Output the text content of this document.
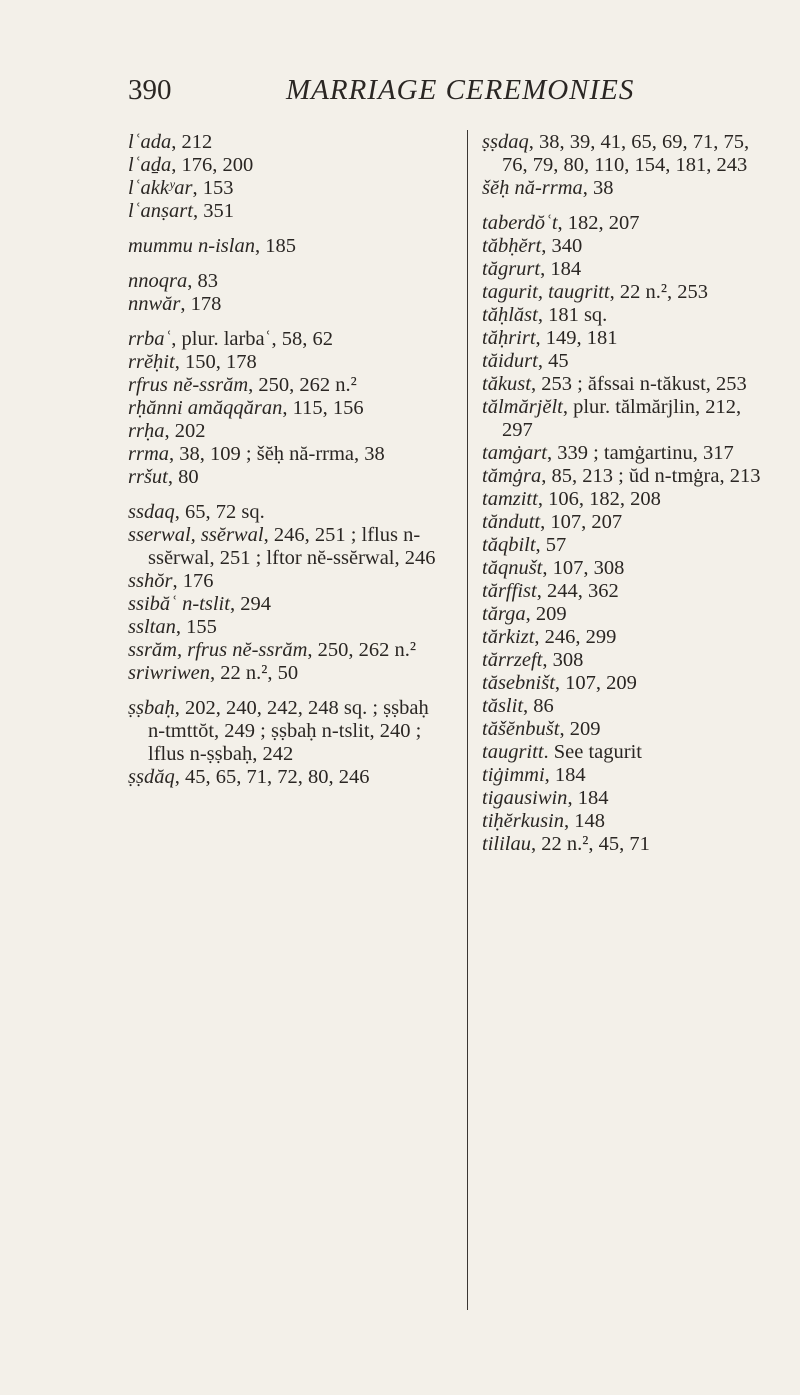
390	MARRIAGE CEREMONIES
lʿada, 212
lʿaḏa, 176, 200
lʿakkʸar, 153
lʿanṣart, 351
mummu n-islan, 185
nnoqra, 83
nnwăr, 178
rrbaʿ, plur. larbaʿ, 58, 62
rrĕḥit, 150, 178
rfrus nĕ-ssrăm, 250, 262 n.²
rḥănni amăqqăran, 115, 156
rrḥa, 202
rrma, 38, 109 ; šĕḥ nă-rrma, 38
rršut, 80
ssdaq, 65, 72 sq.
sserwal, ssĕrwal, 246, 251 ; lflus n-ssĕrwal, 251 ; lftor nĕ-ssĕrwal, 246
sshŏr, 176
ssibăʿ n-tslit, 294
ssltan, 155
ssrăm, rfrus nĕ-ssrăm, 250, 262 n.²
sriwriwen, 22 n.², 50
ṣṣbaḥ, 202, 240, 242, 248 sq. ; ṣṣbaḥ n-tmttŏt, 249 ; ṣṣbaḥ n-tslit, 240 ; lflus n-ṣṣbaḥ, 242
ṣṣdăq, 45, 65, 71, 72, 80, 246
ṣṣdaq, 38, 39, 41, 65, 69, 71, 75, 76, 79, 80, 110, 154, 181, 243
šĕḥ nă-rrma, 38
taberdŏʿt, 182, 207
tăbḥĕrt, 340
tăgrurt, 184
tagurit, taugritt, 22 n.², 253
tăḥlăst, 181 sq.
tăḥrirt, 149, 181
tăidurt, 45
tăkust, 253 ; ăfssai n-tăkust, 253
tălmărjĕlt, plur. tălmărjlin, 212, 297
tamġart, 339 ; tamġartinu, 317
tămġra, 85, 213 ; ŭd n-tmġra, 213
tamzitt, 106, 182, 208
tăndutt, 107, 207
tăqbilt, 57
tăqnušt, 107, 308
tărffist, 244, 362
tărga, 209
tărkizt, 246, 299
tărrzeft, 308
tăsebništ, 107, 209
tăslit, 86
tăšĕnbušt, 209
taugritt. See tagurit
tiġimmi, 184
tigausiwin, 184
tiḥĕrkusin, 148
tililau, 22 n.², 45, 71
